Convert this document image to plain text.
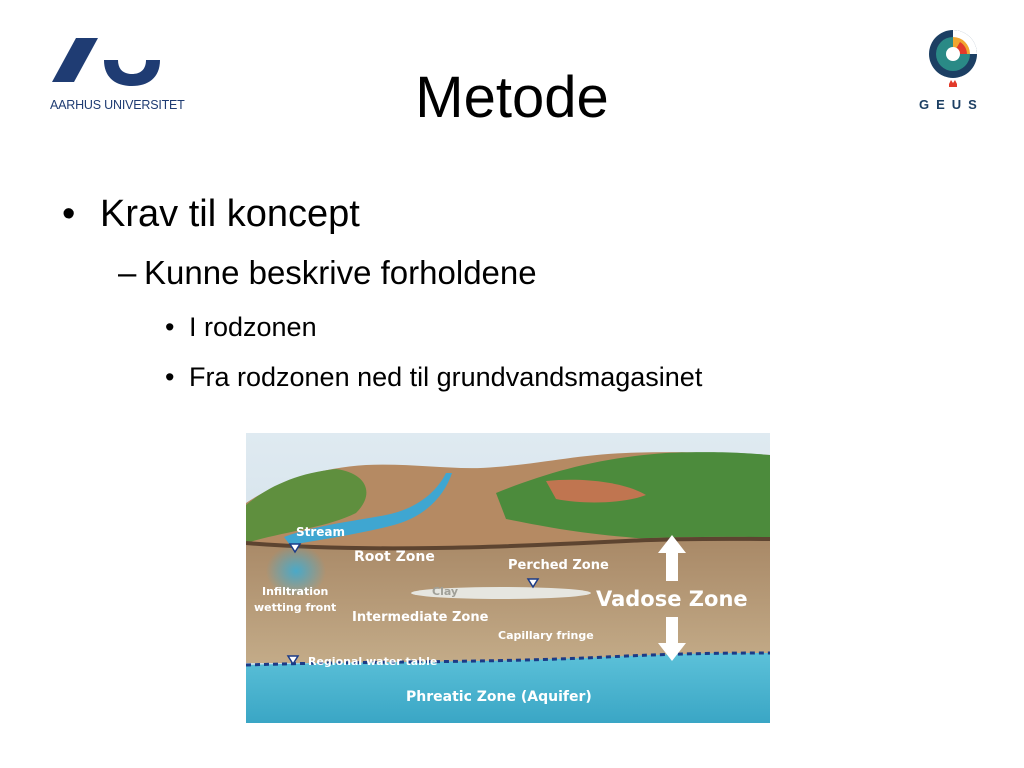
AARHUS UNIVERSITET	GEUS
Metode
• Krav til koncept
– Kunne beskrive forholdene
• I rodzonen
• Fra rodzonen ned til grundvandsmagasinet
Stream
Root Zone
Perched Zone
Clay
Infiltration
wetting front	Vadose Zone
Intermediate Zone
Capillary fringe
Regional water table
Phreatic Zone (Aquifer)
